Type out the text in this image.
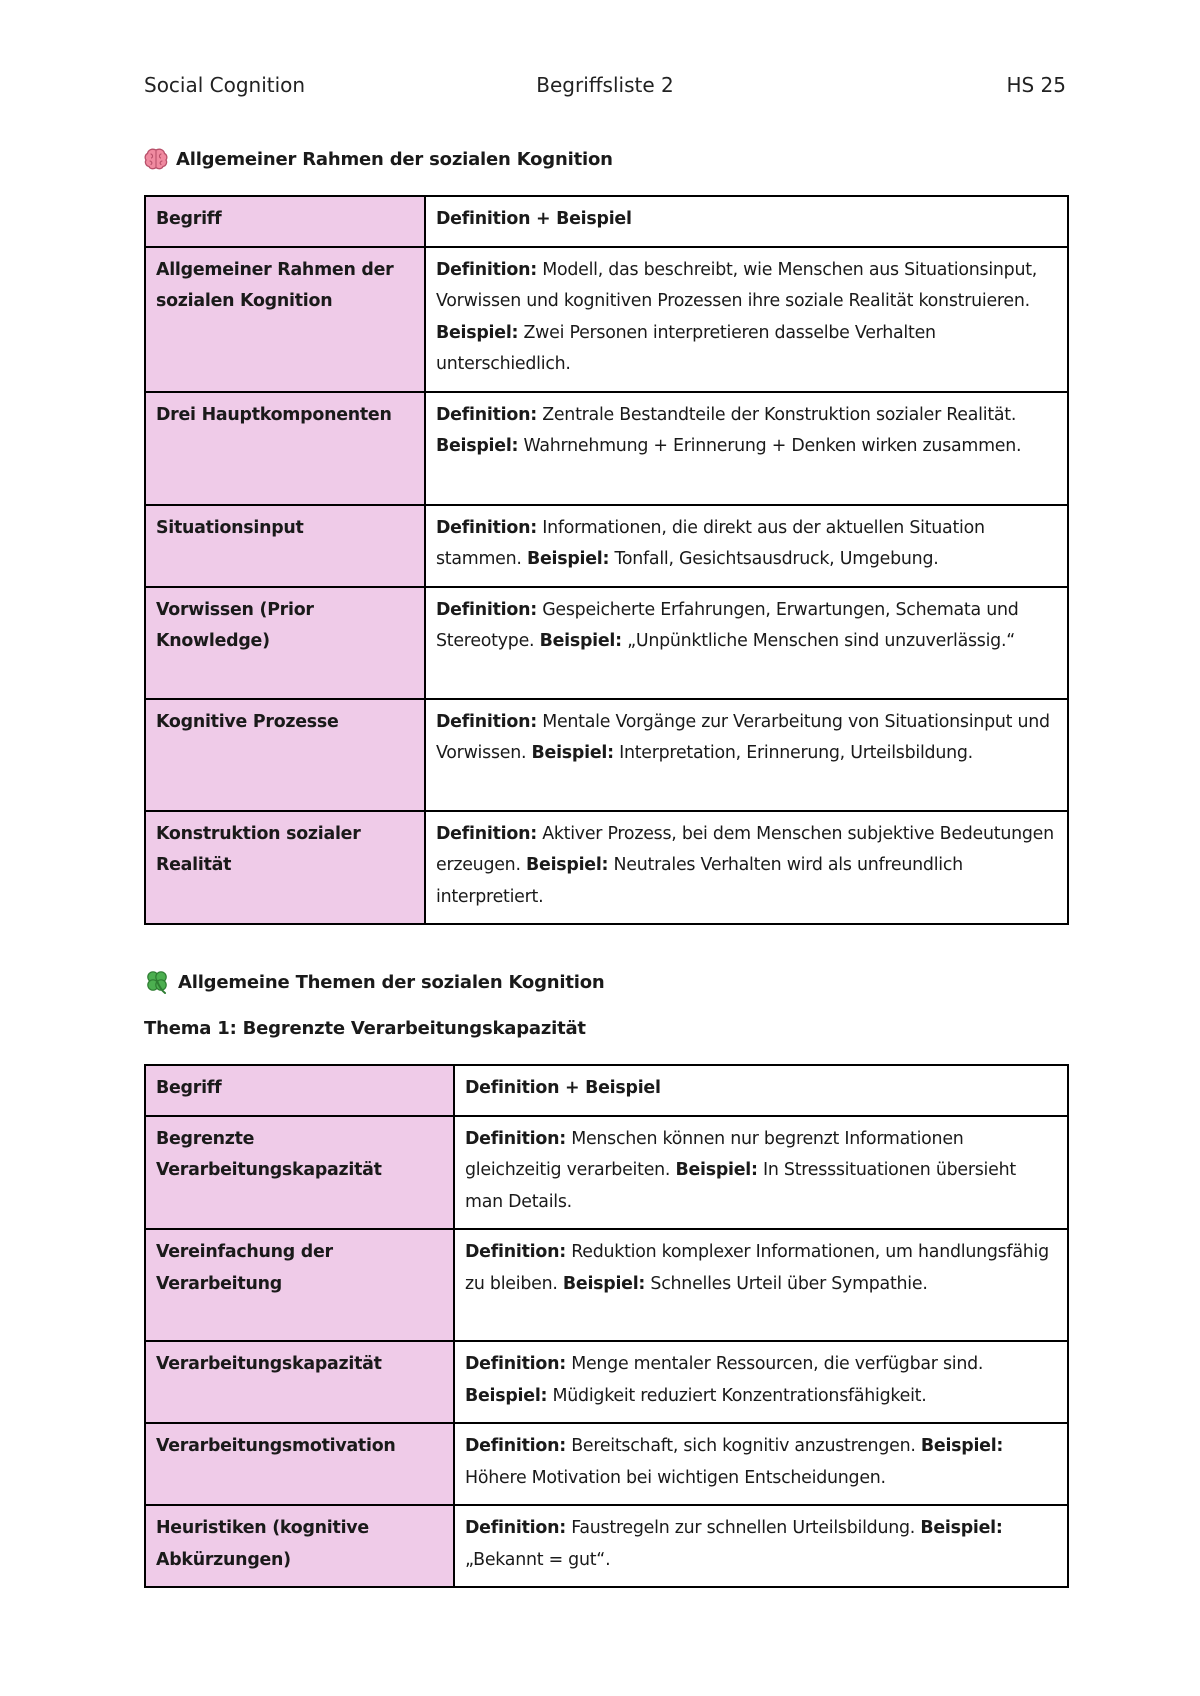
Social Cognition	Begriffsliste 2	HS 25
Allgemeiner Rahmen der sozialen Kognition
Begriff	Definition + Beispiel
Allgemeiner Rahmen der sozialen Kognition	Definition: Modell, das beschreibt, wie Menschen aus Situationsinput, Vorwissen und kognitiven Prozessen ihre soziale Realität konstruieren. Beispiel: Zwei Personen interpretieren dasselbe Verhalten unterschiedlich.
Drei Hauptkomponenten	Definition: Zentrale Bestandteile der Konstruktion sozialer Realität. Beispiel: Wahrnehmung + Erinnerung + Denken wirken zusammen.
Situationsinput	Definition: Informationen, die direkt aus der aktuellen Situation stammen. Beispiel: Tonfall, Gesichtsausdruck, Umgebung.
Vorwissen (Prior Knowledge)	Definition: Gespeicherte Erfahrungen, Erwartungen, Schemata und Stereotype. Beispiel: „Unpünktliche Menschen sind unzuverlässig.“
Kognitive Prozesse	Definition: Mentale Vorgänge zur Verarbeitung von Situationsinput und Vorwissen. Beispiel: Interpretation, Erinnerung, Urteilsbildung.
Konstruktion sozialer Realität	Definition: Aktiver Prozess, bei dem Menschen subjektive Bedeutungen erzeugen. Beispiel: Neutrales Verhalten wird als unfreundlich interpretiert.
Allgemeine Themen der sozialen Kognition
Thema 1: Begrenzte Verarbeitungskapazität
Begriff	Definition + Beispiel
Begrenzte Verarbeitungskapazität	Definition: Menschen können nur begrenzt Informationen gleichzeitig verarbeiten. Beispiel: In Stresssituationen übersieht man Details.
Vereinfachung der Verarbeitung	Definition: Reduktion komplexer Informationen, um handlungsfähig zu bleiben. Beispiel: Schnelles Urteil über Sympathie.
Verarbeitungskapazität	Definition: Menge mentaler Ressourcen, die verfügbar sind. Beispiel: Müdigkeit reduziert Konzentrationsfähigkeit.
Verarbeitungsmotivation	Definition: Bereitschaft, sich kognitiv anzustrengen. Beispiel: Höhere Motivation bei wichtigen Entscheidungen.
Heuristiken (kognitive Abkürzungen)	Definition: Faustregeln zur schnellen Urteilsbildung. Beispiel: „Bekannt = gut“.
